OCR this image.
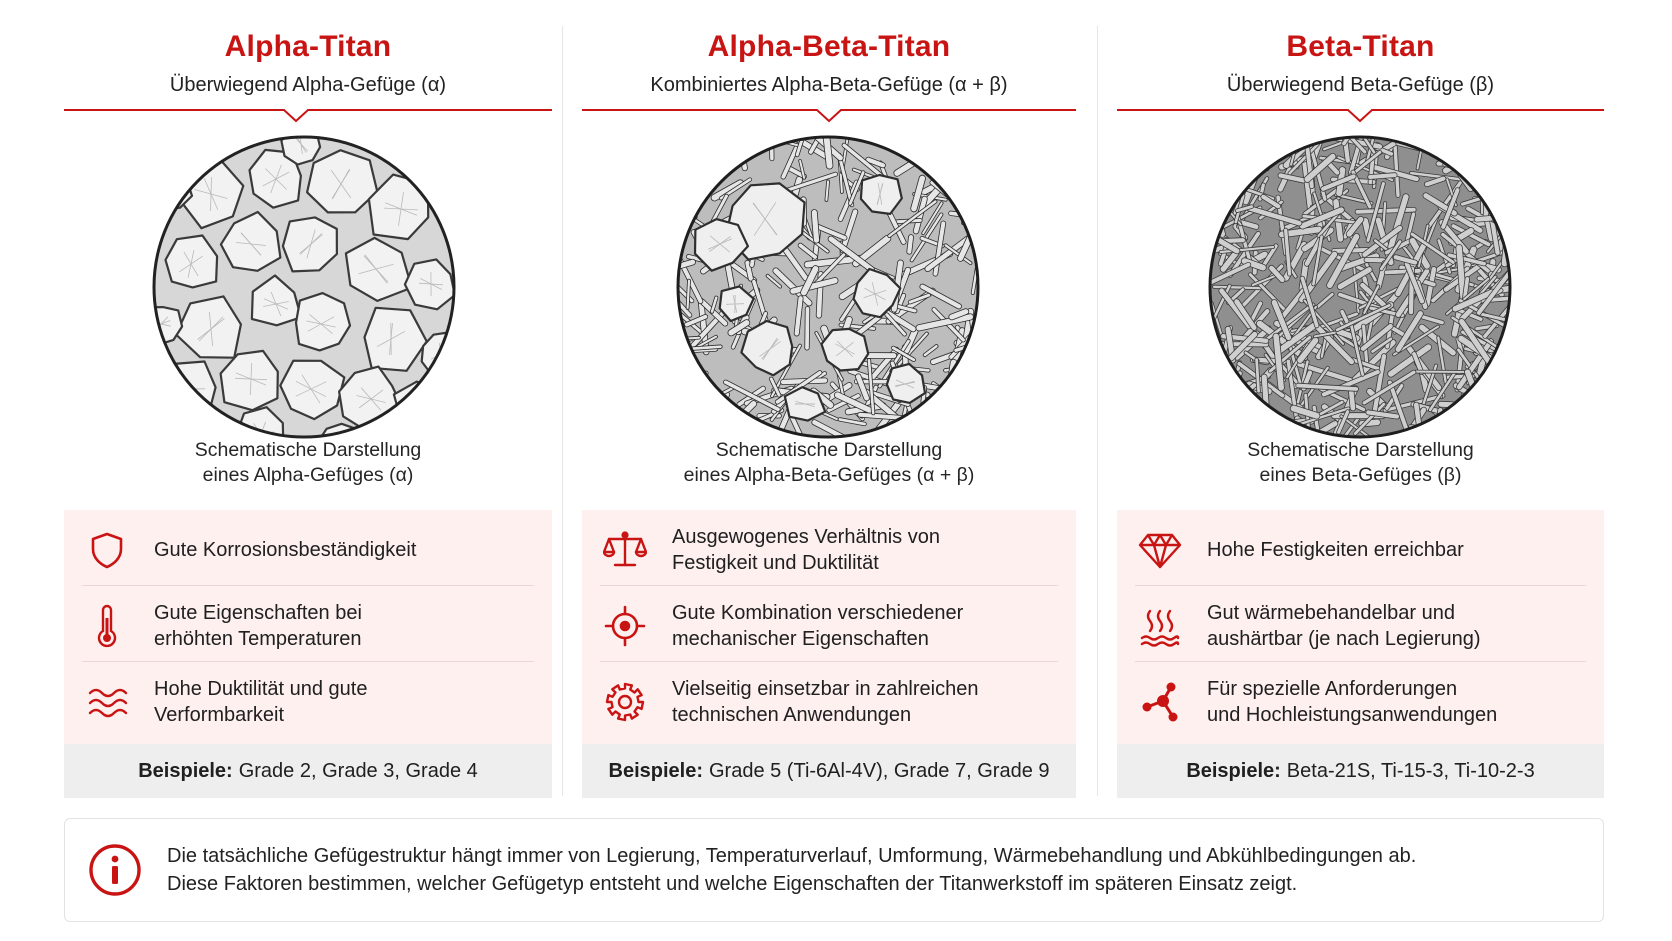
Alpha-Titan
Überwiegend Alpha-Gefüge (α)
Schematische Darstellung
eines Alpha-Gefüges (α)
Gute Korrosionsbeständigkeit
Gute Eigenschaften bei
erhöhten Temperaturen
Hohe Duktilität und gute
Verformbarkeit
Beispiele: Grade 2, Grade 3, Grade 4
Alpha-Beta-Titan
Kombiniertes Alpha-Beta-Gefüge (α + β)
Schematische Darstellung
eines Alpha-Beta-Gefüges (α + β)
Ausgewogenes Verhältnis von
Festigkeit und Duktilität
Gute Kombination verschiedener
mechanischer Eigenschaften
Vielseitig einsetzbar in zahlreichen
technischen Anwendungen
Beispiele: Grade 5 (Ti-6Al-4V), Grade 7, Grade 9
Beta-Titan
Überwiegend Beta-Gefüge (β)
Schematische Darstellung
eines Beta-Gefüges (β)
Hohe Festigkeiten erreichbar
Gut wärmebehandelbar und
aushärtbar (je nach Legierung)
Für spezielle Anforderungen
und Hochleistungsanwendungen
Beispiele: Beta-21S, Ti-15-3, Ti-10-2-3
Die tatsächliche Gefügestruktur hängt immer von Legierung, Temperaturverlauf, Umformung, Wärmebehandlung und Abkühlbedingungen ab.
Diese Faktoren bestimmen, welcher Gefügetyp entsteht und welche Eigenschaften der Titanwerkstoff im späteren Einsatz zeigt.
